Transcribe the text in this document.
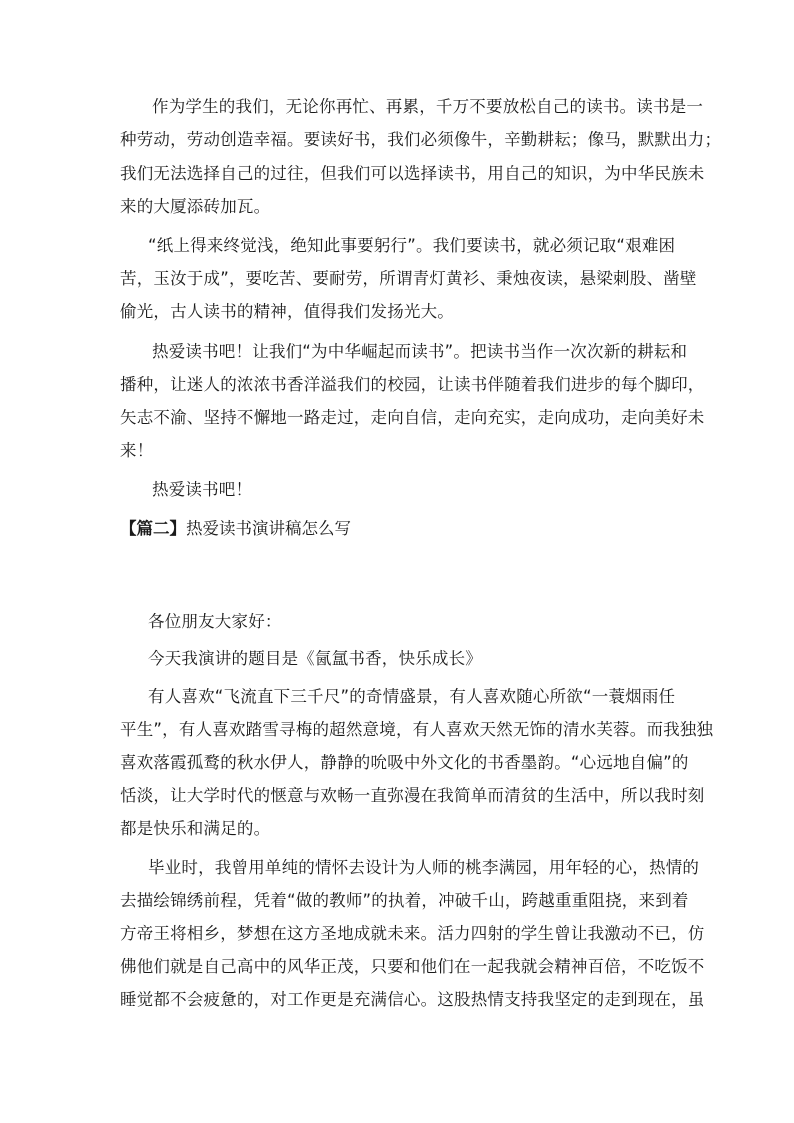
作为学生的我们，无论你再忙、再累，千万不要放松自己的读书。读书是一
种劳动，劳动创造幸福。要读好书，我们必须像牛，辛勤耕耘；像马，默默出力；
我们无法选择自己的过往，但我们可以选择读书，用自己的知识，为中华民族未
来的大厦添砖加瓦。
“纸上得来终觉浅，绝知此事要躬行”。我们要读书，就必须记取“艰难困
苦，玉汝于成”，要吃苦、要耐劳，所谓青灯黄衫、秉烛夜读，悬梁刺股、凿壁
偷光，古人读书的精神，值得我们发扬光大。
热爱读书吧！让我们“为中华崛起而读书”。把读书当作一次次新的耕耘和
播种，让迷人的浓浓书香洋溢我们的校园，让读书伴随着我们进步的每个脚印，
矢志不渝、坚持不懈地一路走过，走向自信，走向充实，走向成功，走向美好未
来！
热爱读书吧！
【篇二】热爱读书演讲稿怎么写
各位朋友大家好：
今天我演讲的题目是《氤氲书香，快乐成长》
有人喜欢“飞流直下三千尺”的奇情盛景，有人喜欢随心所欲“一蓑烟雨任
平生”，有人喜欢踏雪寻梅的超然意境，有人喜欢天然无饰的清水芙蓉。而我独独
喜欢落霞孤鹜的秋水伊人，静静的吮吸中外文化的书香墨韵。“心远地自偏”的
恬淡，让大学时代的惬意与欢畅一直弥漫在我简单而清贫的生活中，所以我时刻
都是快乐和满足的。
毕业时，我曾用单纯的情怀去设计为人师的桃李满园，用年轻的心，热情的
去描绘锦绣前程，凭着“做的教师”的执着，冲破千山，跨越重重阻挠，来到着
方帝王将相乡，梦想在这方圣地成就未来。活力四射的学生曾让我激动不已，仿
佛他们就是自己高中的风华正茂，只要和他们在一起我就会精神百倍，不吃饭不
睡觉都不会疲惫的，对工作更是充满信心。这股热情支持我坚定的走到现在，虽
